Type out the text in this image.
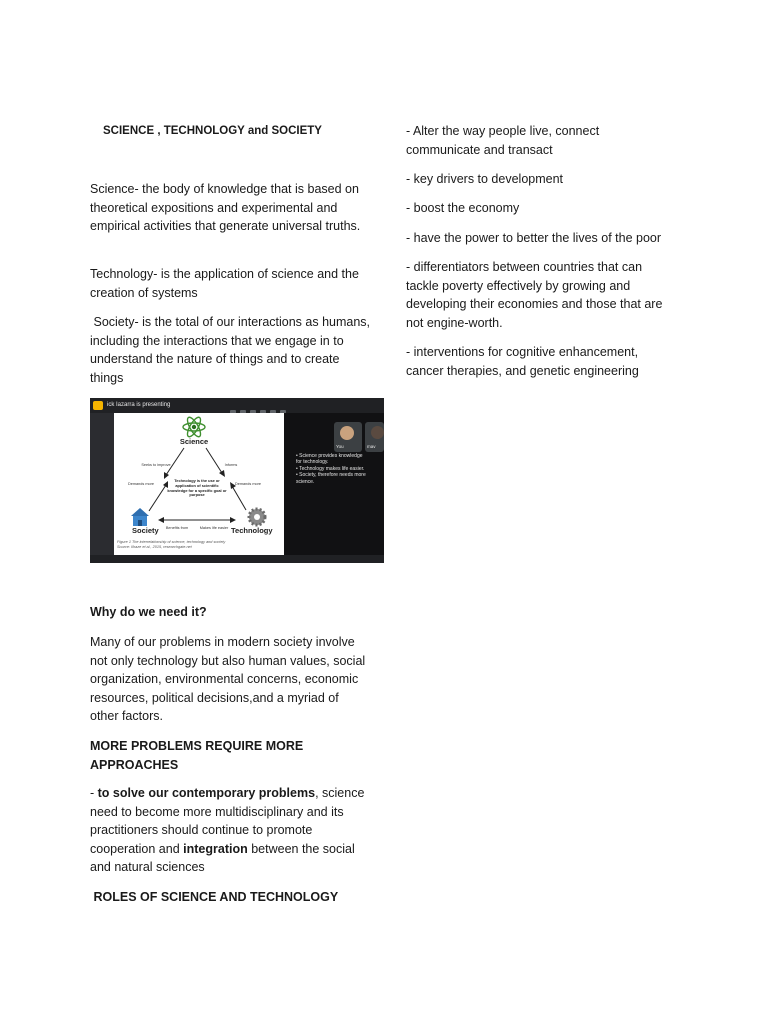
SCIENCE , TECHNOLOGY and SOCIETY

Science- the body of knowledge that is based on theoretical expositions and experimental and empirical activities that generate universal truths.

Technology- is the application of science and the creation of systems

Society- is the total of our interactions as humans, including the interactions that we engage in to understand the nature of things and to create things

ick Iazarra is presenting
Science
Seeks to improve	Informs
Demands more	Demands more
Benefits from	Makes life easier
Technology is the use or application of scientific knowledge for a specific goal or purpose
Society	Technology
Figure 1 The interrelationship of science, technology and society
Source: Ilhaze et al., 2015, researchgate.net
You	mav
• Science provides knowledge for technology.
• Technology makes life easier.
• Society, therefore needs more science.

Why do we need it?

Many of our problems in modern society involve not only technology but also human values, social organization, environmental concerns, economic resources, political decisions,and a myriad of other factors.

MORE PROBLEMS REQUIRE MORE APPROACHES

- to solve our contemporary problems, science need to become more multidisciplinary and its practitioners should continue to promote cooperation and integration between the social and natural sciences

ROLES OF SCIENCE AND TECHNOLOGY

- Alter the way people live, connect communicate and transact

- key drivers to development

- boost the economy

- have the power to better the lives of the poor

- differentiators between countries that can tackle poverty effectively by growing and developing their economies and those that are not engine-worth.

- interventions for cognitive enhancement, cancer therapies, and genetic engineering
